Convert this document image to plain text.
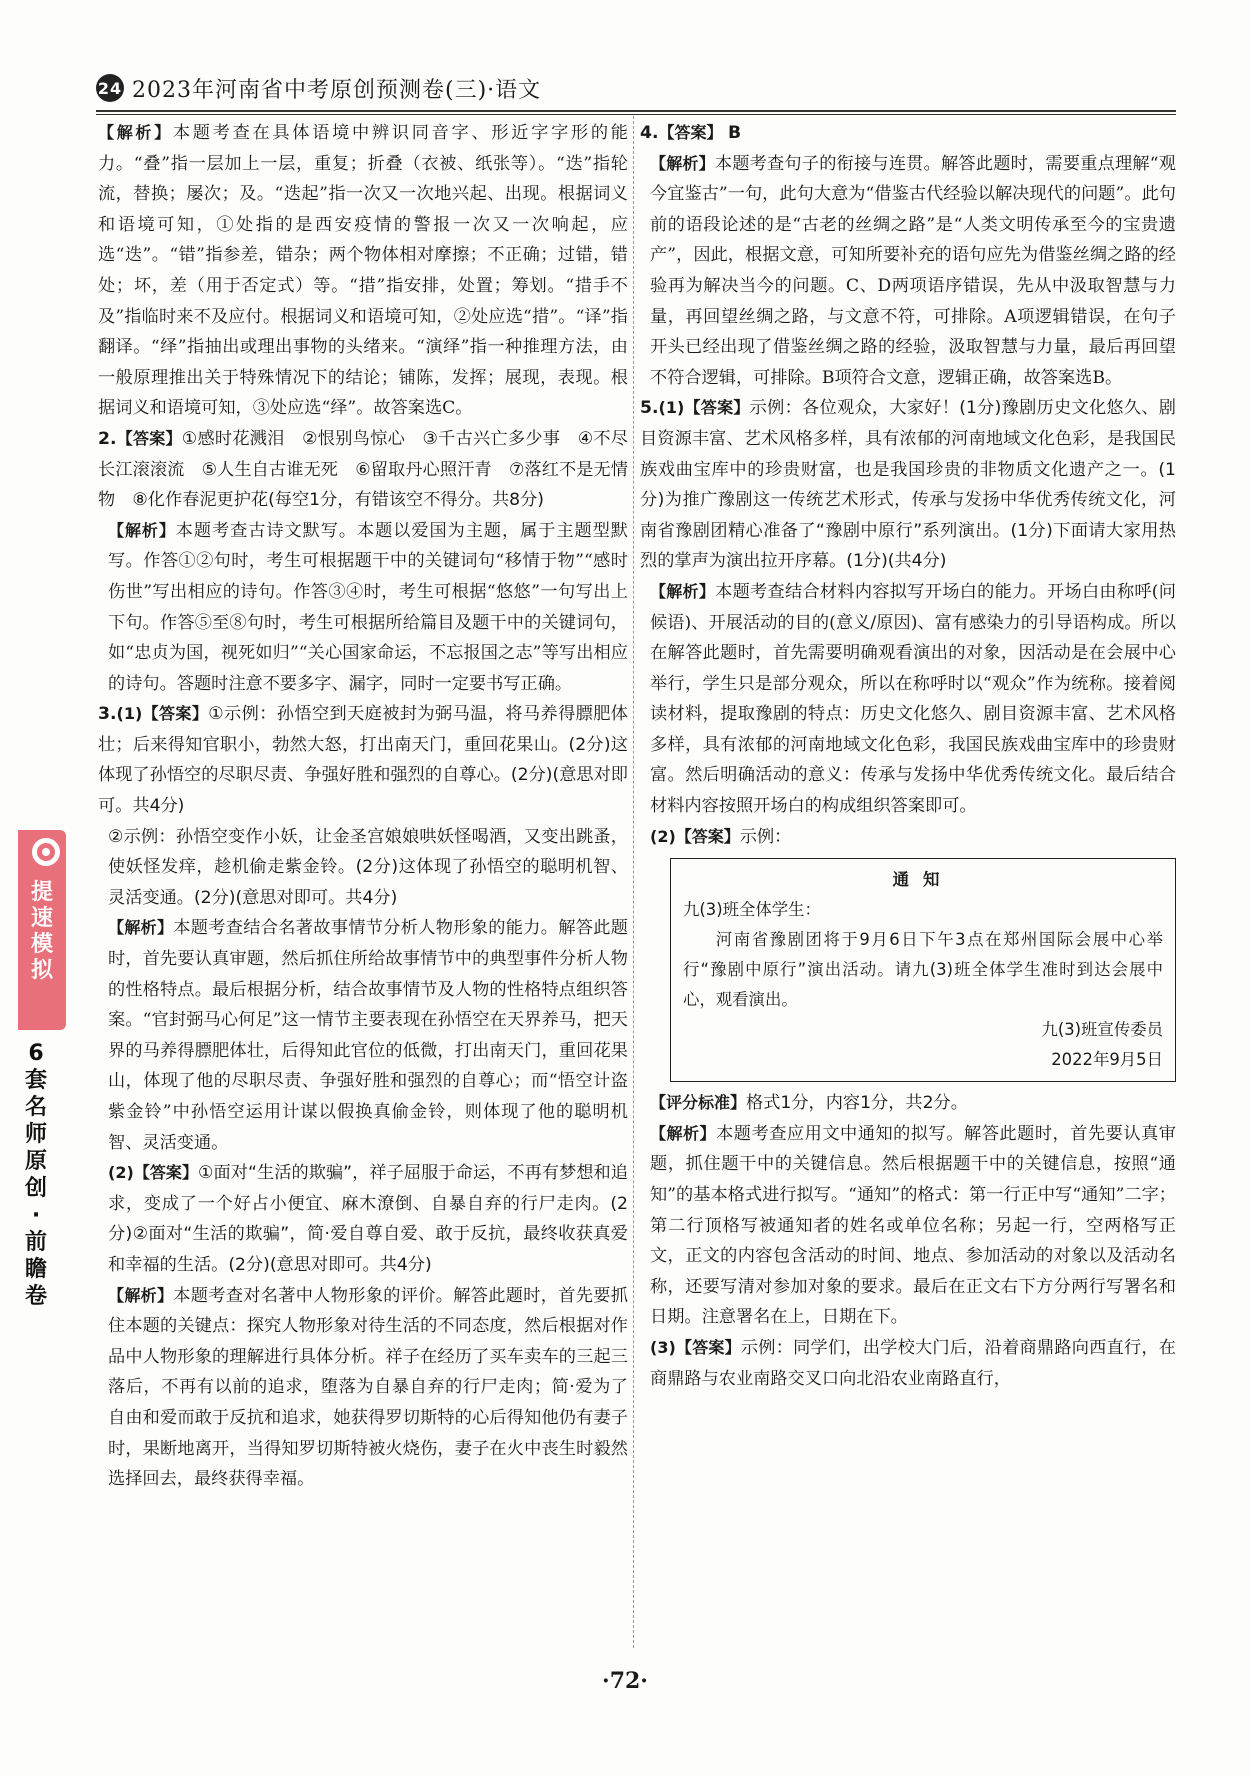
24 2023年河南省中考原创预测卷(三)·语文
提速模拟
6套名师原创·前瞻卷

【解析】本题考查在具体语境中辨识同音字、形近字字形的能力。“叠”指一层加上一层，重复；折叠（衣被、纸张等）。“迭”指轮流，替换；屡次；及。“迭起”指一次又一次地兴起、出现。根据词义和语境可知，①处指的是西安疫情的警报一次又一次响起，应选“迭”。“错”指参差，错杂；两个物体相对摩擦；不正确；过错，错处；坏，差（用于否定式）等。“措”指安排，处置；筹划。“措手不及”指临时来不及应付。根据词义和语境可知，②处应选“措”。“译”指翻译。“绎”指抽出或理出事物的头绪来。“演绎”指一种推理方法，由一般原理推出关于特殊情况下的结论；铺陈，发挥；展现，表现。根据词义和语境可知，③处应选“绎”。故答案选C。

2.【答案】①感时花溅泪　②恨别鸟惊心　③千古兴亡多少事　④不尽长江滚滚流　⑤人生自古谁无死　⑥留取丹心照汗青　⑦落红不是无情物　⑧化作春泥更护花(每空1分，有错该空不得分。共8分)

【解析】本题考查古诗文默写。本题以爱国为主题，属于主题型默写。作答①②句时，考生可根据题干中的关键词句“移情于物”“感时伤世”写出相应的诗句。作答③④时，考生可根据“悠悠”一句写出上下句。作答⑤至⑧句时，考生可根据所给篇目及题干中的关键词句，如“忠贞为国，视死如归”“关心国家命运，不忘报国之志”等写出相应的诗句。答题时注意不要多字、漏字，同时一定要书写正确。

3.(1)【答案】①示例：孙悟空到天庭被封为弼马温，将马养得膘肥体壮；后来得知官职小，勃然大怒，打出南天门，重回花果山。(2分)这体现了孙悟空的尽职尽责、争强好胜和强烈的自尊心。(2分)(意思对即可。共4分)

②示例：孙悟空变作小妖，让金圣宫娘娘哄妖怪喝酒，又变出跳蚤，使妖怪发痒，趁机偷走紫金铃。(2分)这体现了孙悟空的聪明机智、灵活变通。(2分)(意思对即可。共4分)

【解析】本题考查结合名著故事情节分析人物形象的能力。解答此题时，首先要认真审题，然后抓住所给故事情节中的典型事件分析人物的性格特点。最后根据分析，结合故事情节及人物的性格特点组织答案。“官封弼马心何足”这一情节主要表现在孙悟空在天界养马，把天界的马养得膘肥体壮，后得知此官位的低微，打出南天门，重回花果山，体现了他的尽职尽责、争强好胜和强烈的自尊心；而“悟空计盗紫金铃”中孙悟空运用计谋以假换真偷金铃，则体现了他的聪明机智、灵活变通。

(2)【答案】①面对“生活的欺骗”，祥子屈服于命运，不再有梦想和追求，变成了一个好占小便宜、麻木潦倒、自暴自弃的行尸走肉。(2分)②面对“生活的欺骗”，简·爱自尊自爱、敢于反抗，最终收获真爱和幸福的生活。(2分)(意思对即可。共4分)

【解析】本题考查对名著中人物形象的评价。解答此题时，首先要抓住本题的关键点：探究人物形象对待生活的不同态度，然后根据对作品中人物形象的理解进行具体分析。祥子在经历了买车卖车的三起三落后，不再有以前的追求，堕落为自暴自弃的行尸走肉；简·爱为了自由和爱而敢于反抗和追求，她获得罗切斯特的心后得知他仍有妻子时，果断地离开，当得知罗切斯特被火烧伤，妻子在火中丧生时毅然选择回去，最终获得幸福。

4.【答案】 B

【解析】本题考查句子的衔接与连贯。解答此题时，需要重点理解“观今宜鉴古”一句，此句大意为“借鉴古代经验以解决现代的问题”。此句前的语段论述的是“古老的丝绸之路”是“人类文明传承至今的宝贵遗产”，因此，根据文意，可知所要补充的语句应先为借鉴丝绸之路的经验再为解决当今的问题。C、D两项语序错误，先从中汲取智慧与力量，再回望丝绸之路，与文意不符，可排除。A项逻辑错误，在句子开头已经出现了借鉴丝绸之路的经验，汲取智慧与力量，最后再回望不符合逻辑，可排除。B项符合文意，逻辑正确，故答案选B。

5.(1)【答案】示例：各位观众，大家好！(1分)豫剧历史文化悠久、剧目资源丰富、艺术风格多样，具有浓郁的河南地域文化色彩，是我国民族戏曲宝库中的珍贵财富，也是我国珍贵的非物质文化遗产之一。(1分)为推广豫剧这一传统艺术形式，传承与发扬中华优秀传统文化，河南省豫剧团精心准备了“豫剧中原行”系列演出。(1分)下面请大家用热烈的掌声为演出拉开序幕。(1分)(共4分)

【解析】本题考查结合材料内容拟写开场白的能力。开场白由称呼(问候语)、开展活动的目的(意义/原因)、富有感染力的引导语构成。所以在解答此题时，首先需要明确观看演出的对象，因活动是在会展中心举行，学生只是部分观众，所以在称呼时以“观众”作为统称。接着阅读材料，提取豫剧的特点：历史文化悠久、剧目资源丰富、艺术风格多样，具有浓郁的河南地域文化色彩，我国民族戏曲宝库中的珍贵财富。然后明确活动的意义：传承与发扬中华优秀传统文化。最后结合材料内容按照开场白的构成组织答案即可。

(2)【答案】示例：

通知
九(3)班全体学生：
河南省豫剧团将于9月6日下午3点在郑州国际会展中心举行“豫剧中原行”演出活动。请九(3)班全体学生准时到达会展中心，观看演出。
九(3)班宣传委员
2022年9月5日

【评分标准】格式1分，内容1分，共2分。

【解析】本题考查应用文中通知的拟写。解答此题时，首先要认真审题，抓住题干中的关键信息。然后根据题干中的关键信息，按照“通知”的基本格式进行拟写。“通知”的格式：第一行正中写“通知”二字；第二行顶格写被通知者的姓名或单位名称；另起一行，空两格写正文，正文的内容包含活动的时间、地点、参加活动的对象以及活动名称，还要写清对参加对象的要求。最后在正文右下方分两行写署名和日期。注意署名在上，日期在下。

(3)【答案】示例：同学们，出学校大门后，沿着商鼎路向西直行，在商鼎路与农业南路交叉口向北沿农业南路直行，

·72·
